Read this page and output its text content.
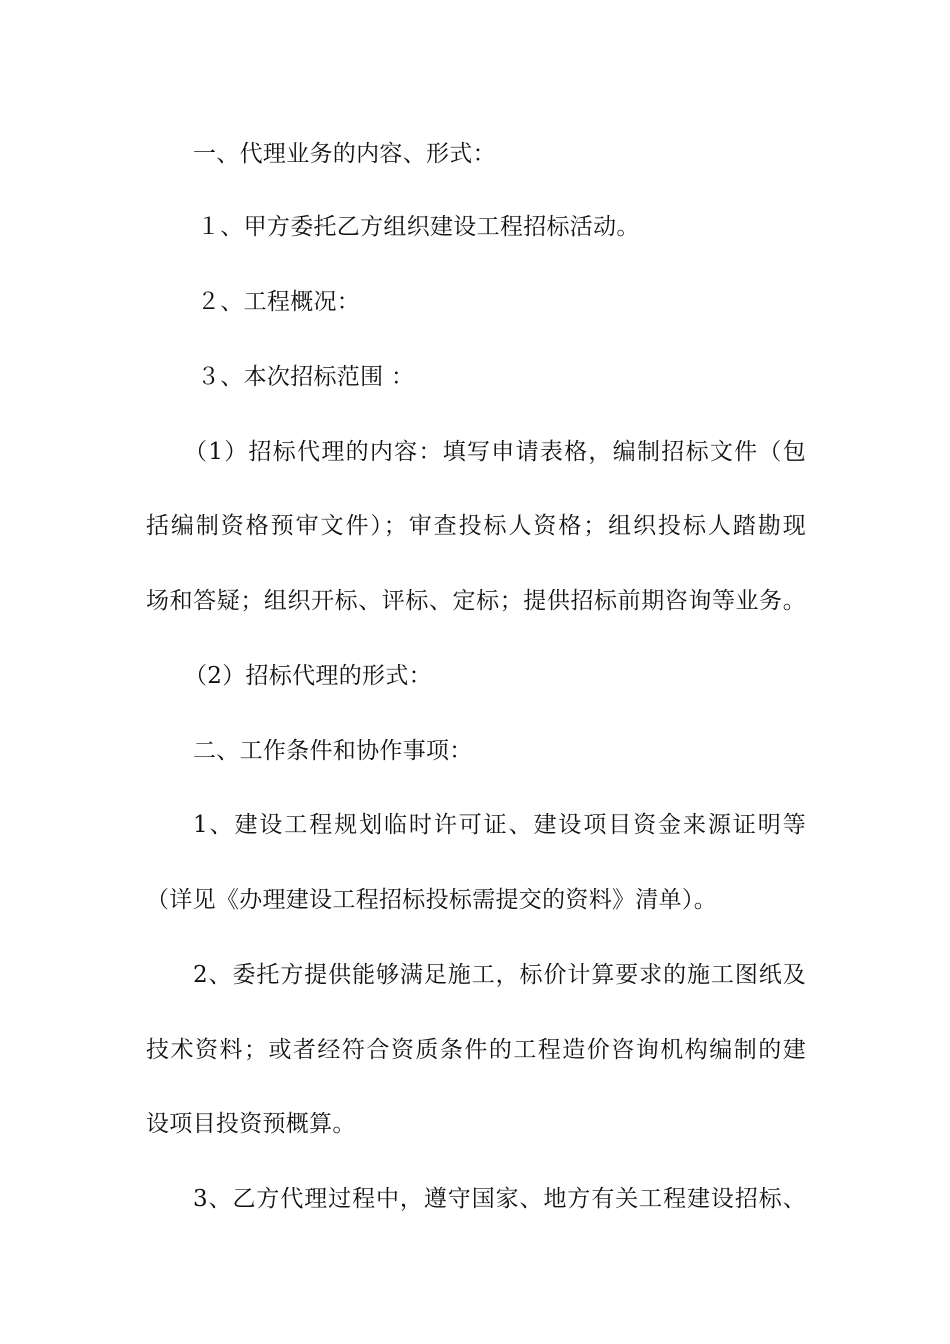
一、代理业务的内容、形式：
１、甲方委托乙方组织建设工程招标活动。
２、工程概况：
３、本次招标范围 ：
（1）招标代理的内容：填写申请表格，编制招标文件（包
括编制资格预审文件）；审查投标人资格；组织投标人踏勘现
场和答疑；组织开标、评标、定标；提供招标前期咨询等业务。
（2）招标代理的形式：
二、工作条件和协作事项：
1、建设工程规划临时许可证、建设项目资金来源证明等
（详见《办理建设工程招标投标需提交的资料》清单）。
2、委托方提供能够满足施工，标价计算要求的施工图纸及
技术资料；或者经符合资质条件的工程造价咨询机构编制的建
设项目投资预概算。
3、乙方代理过程中，遵守国家、地方有关工程建设招标、
